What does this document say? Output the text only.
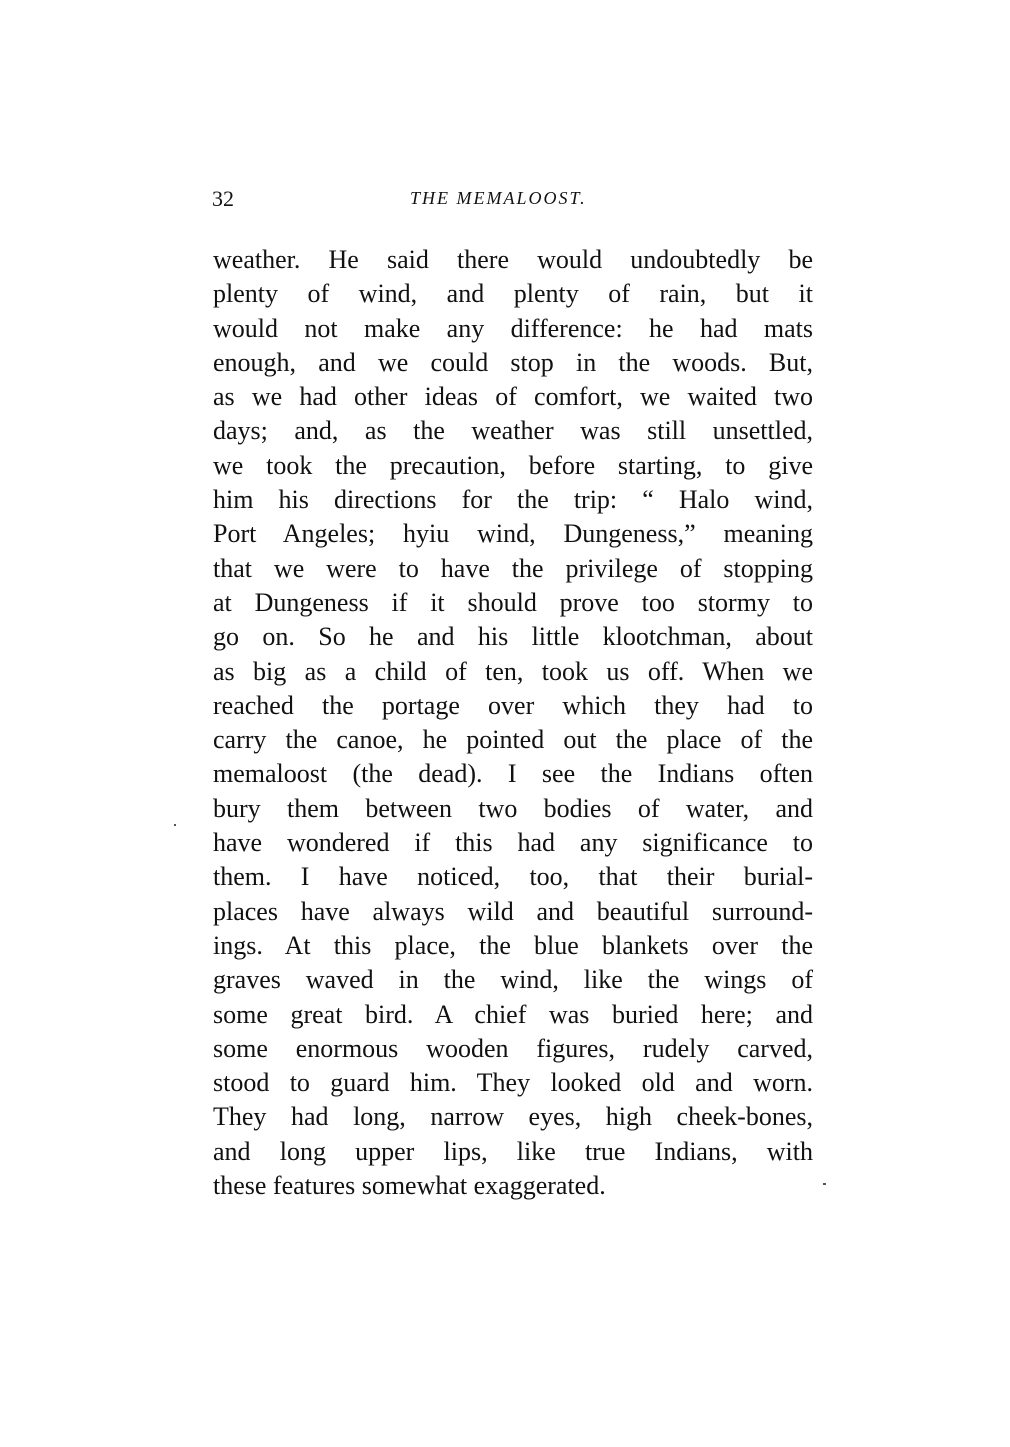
32	THE MEMALOOST.
weather. He said there would undoubtedly be
plenty of wind, and plenty of rain, but it
would not make any difference: he had mats
enough, and we could stop in the woods. But,
as we had other ideas of comfort, we waited two
days; and, as the weather was still unsettled,
we took the precaution, before starting, to give
him his directions for the trip: “ Halo wind,
Port Angeles; hyiu wind, Dungeness,” meaning
that we were to have the privilege of stopping
at Dungeness if it should prove too stormy to
go on. So he and his little klootchman, about
as big as a child of ten, took us off. When we
reached the portage over which they had to
carry the canoe, he pointed out the place of the
memaloost (the dead). I see the Indians often
bury them between two bodies of water, and
have wondered if this had any significance to
them. I have noticed, too, that their burial-
places have always wild and beautiful surround-
ings. At this place, the blue blankets over the
graves waved in the wind, like the wings of
some great bird. A chief was buried here; and
some enormous wooden figures, rudely carved,
stood to guard him. They looked old and worn.
They had long, narrow eyes, high cheek-bones,
and long upper lips, like true Indians, with
these features somewhat exaggerated.
